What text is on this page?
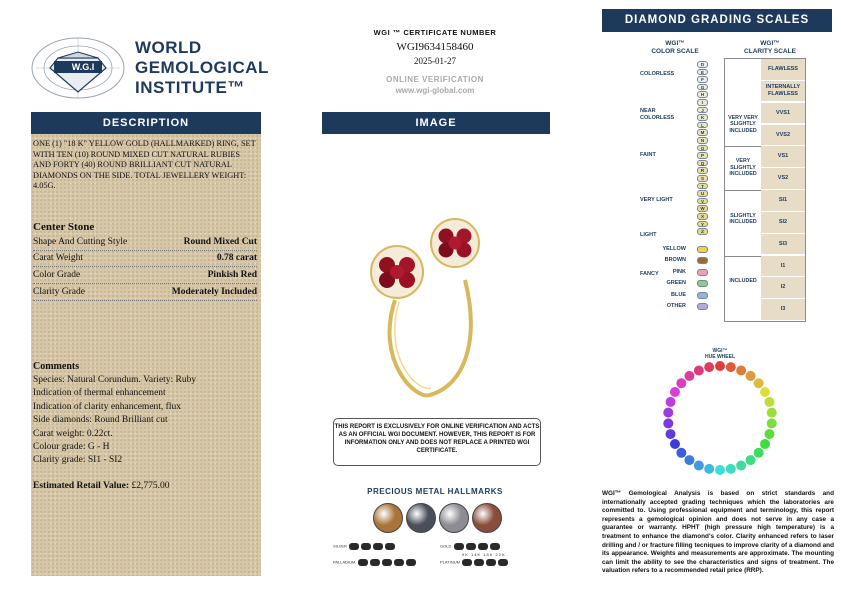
W.G.I
WORLD
GEMOLOGICAL
INSTITUTE™
DESCRIPTION
ONE (1) "18 K" YELLOW GOLD (HALLMARKED) RING, SET WITH TEN (10) ROUND MIXED CUT NATURAL RUBIES AND FORTY (40) ROUND BRILLIANT CUT NATURAL DIAMONDS ON THE SIDE. TOTAL JEWELLERY WEIGHT: 4.05G.
Center Stone
Shape And Cutting Style	Round Mixed Cut
Carat Weight	0.78 carat
Color Grade	Pinkish Red
Clarity Grade	Moderately Included
Comments
Species: Natural Corundum. Variety: Ruby
Indication of thermal enhancement
Indication of clarity enhancement, flux
Side diamonds: Round Brilliant cut
Carat weight: 0.22ct.
Colour grade: G - H
Clarity grade: SI1 - SI2
Estimated Retail Value: £2,775.00
WGI ™ CERTIFICATE NUMBER
WGI9634158460
2025-01-27
ONLINE VERIFICATION
www.wgi-global.com
IMAGE
THIS REPORT IS EXCLUSIVELY FOR ONLINE VERIFICATION AND ACTS AS AN OFFICIAL WGI DOCUMENT. HOWEVER, THIS REPORT IS FOR INFORMATION ONLY AND DOES NOT REPLACE A PRINTED WGI CERTIFICATE.
PRECIOUS METAL HALLMARKS
SILVER
PALLADIUM
GOLD
PLATINUM
9K 14K 18K 22K
DIAMOND GRADING SCALES
WGI™
COLOR SCALE
WGI™
CLARITY SCALE
COLORLESS
NEAR COLORLESS
FAINT
VERY LIGHT
LIGHT
FANCY
D
E
F
G
H
I
J
K
L
M
N
O
P
Q
R
S
T
U
V
W
X
Y
Z
YELLOW
BROWN
PINK
GREEN
BLUE
OTHER
FLAWLESS
INTERNALLY FLAWLESS
VVS1
VVS2
VS1
VS2
SI1
SI2
SI3
I1
I2
I3
VERY VERY SLIGHTLY INCLUDED
VERY SLIGHTLY INCLUDED
SLIGHTLY INCLUDED
INCLUDED
WGI™
HUE WHEEL
WGI™ Gemological Analysis is based on strict standards and internationally accepted grading techniques which the laboratories are committed to. Using professional equipment and terminology, this report represents a gemological opinion and does not serve in any case a guarantee or warranty. HPHT (high pressure high temperature) is a treatment to enhance the diamond's color. Clarity enhanced refers to laser drilling and / or fracture filling tecniques to improve clarity of a diamond and its appearance. Weights and measurements are approximate. The mounting can limit the ability to see the characteristics and signs of treatment. The valuation refers to a recommended retail price (RRP).
